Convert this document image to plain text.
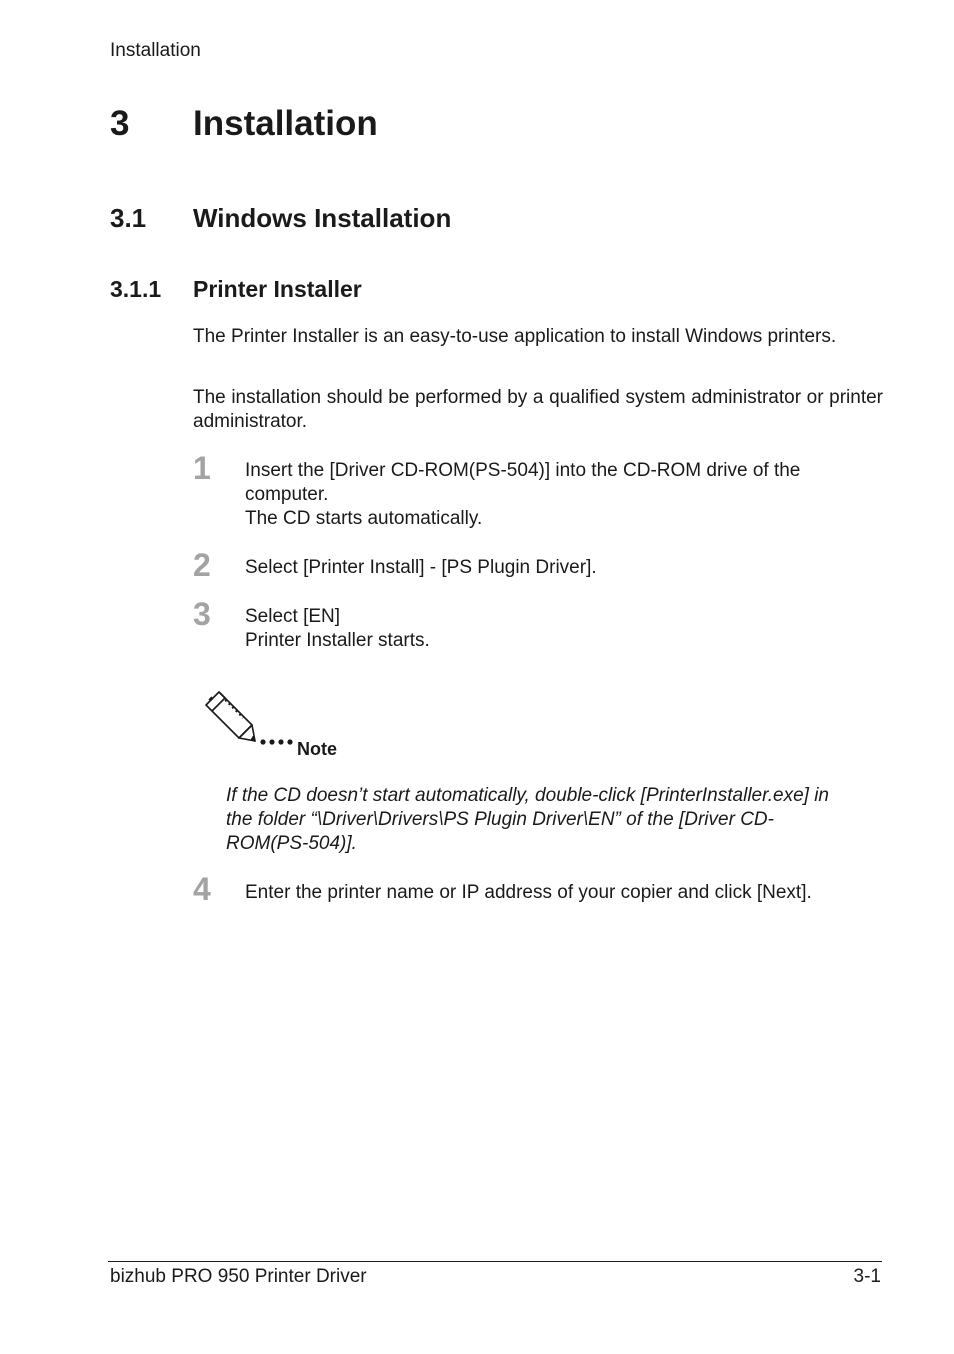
Installation
3 Installation
3.1 Windows Installation
3.1.1 Printer Installer
The Printer Installer is an easy-to-use application to install Windows printers.
The installation should be performed by a qualified system administrator or printer administrator.
1 Insert the [Driver CD-ROM(PS-504)] into the CD-ROM drive of the
computer.
The CD starts automatically.
2 Select [Printer Install] - [PS Plugin Driver].
3 Select [EN]
Printer Installer starts.
Note
If the CD doesn’t start automatically, double-click [PrinterInstaller.exe] in
the folder “\Driver\Drivers\PS Plugin Driver\EN” of the [Driver CD-
ROM(PS-504)].
4 Enter the printer name or IP address of your copier and click [Next].
bizhub PRO 950 Printer Driver	3-1
